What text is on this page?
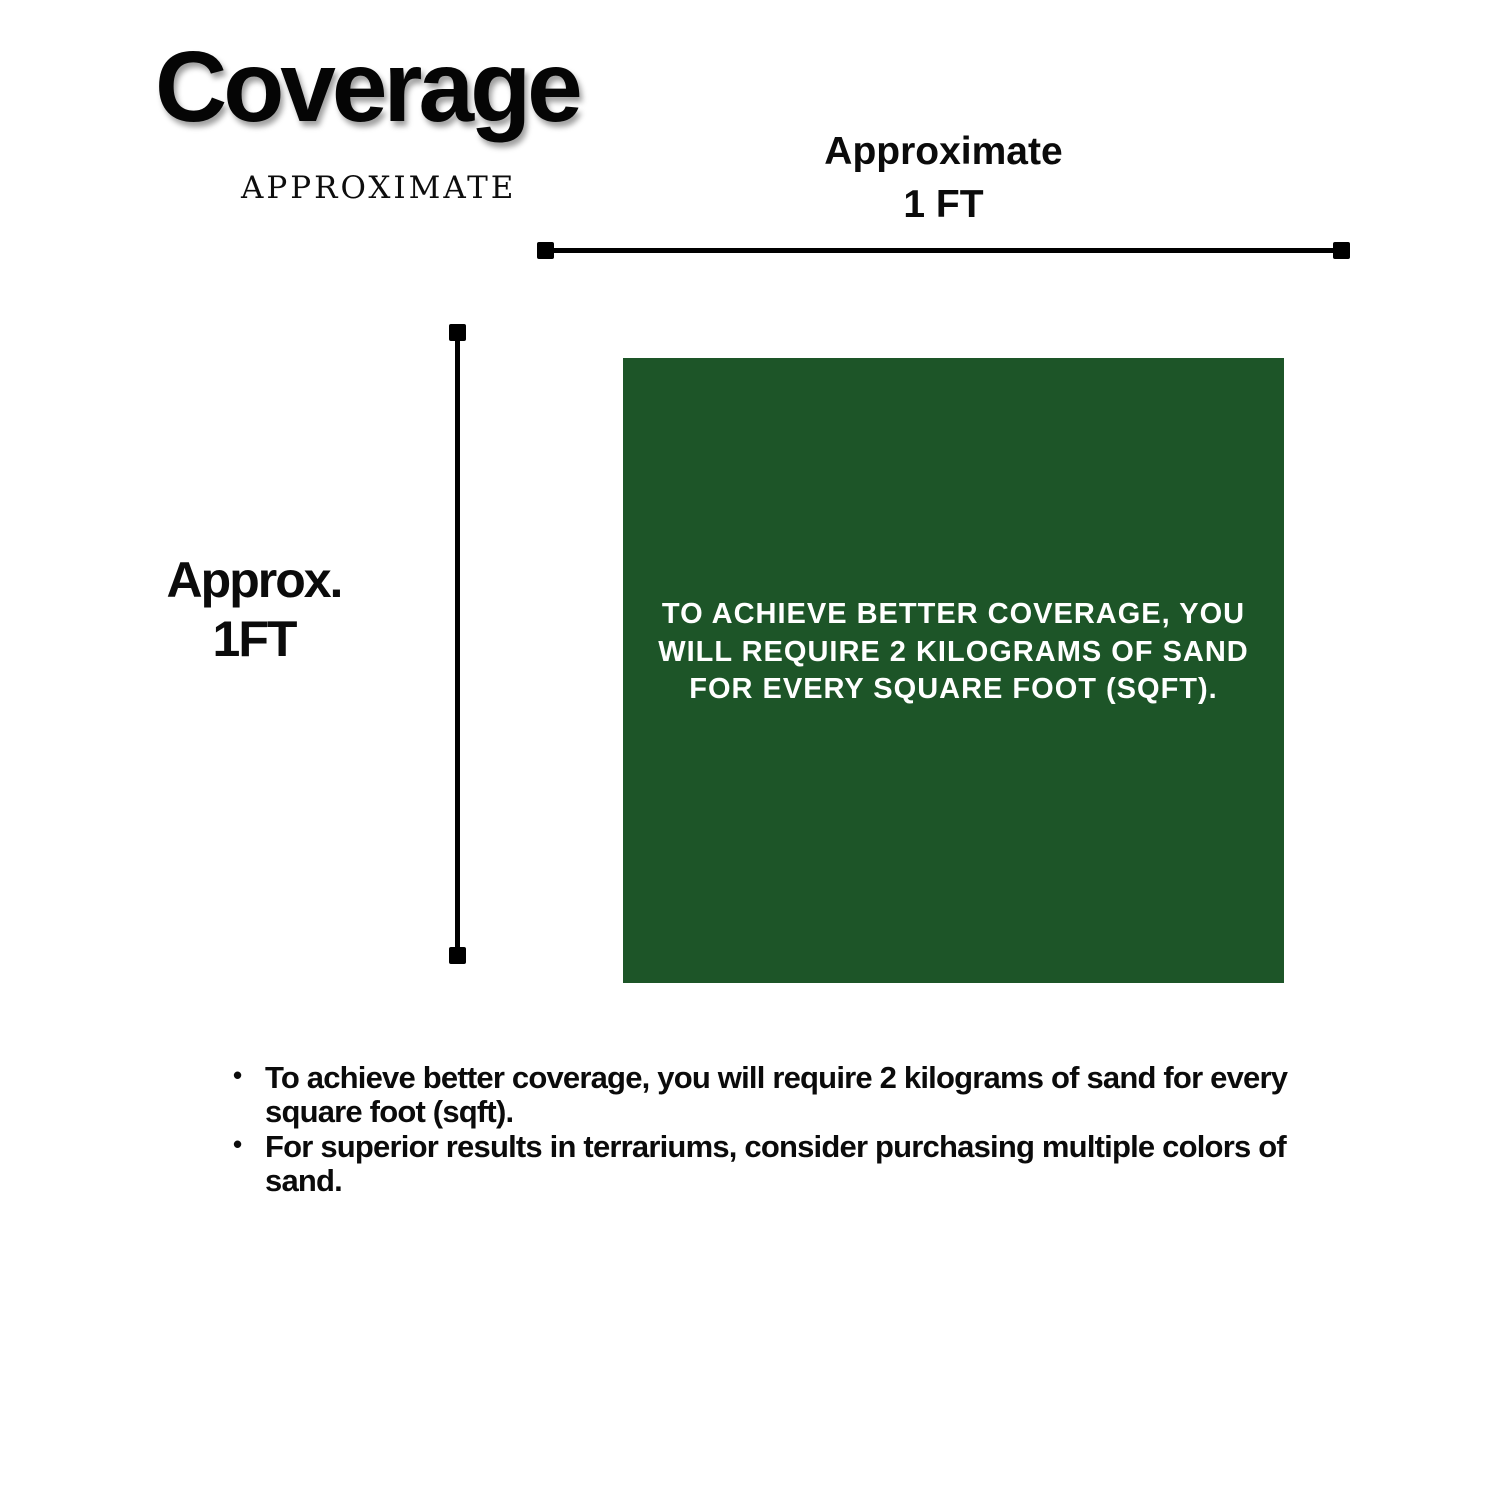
Coverage
APPROXIMATE
Approximate
1 FT
Approx.
1FT	TO ACHIEVE BETTER COVERAGE, YOU WILL REQUIRE 2 KILOGRAMS OF SAND FOR EVERY SQUARE FOOT (SQFT).

• To achieve better coverage, you will require 2 kilograms of sand for every square foot (sqft).
• For superior results in terrariums, consider purchasing multiple colors of sand.
